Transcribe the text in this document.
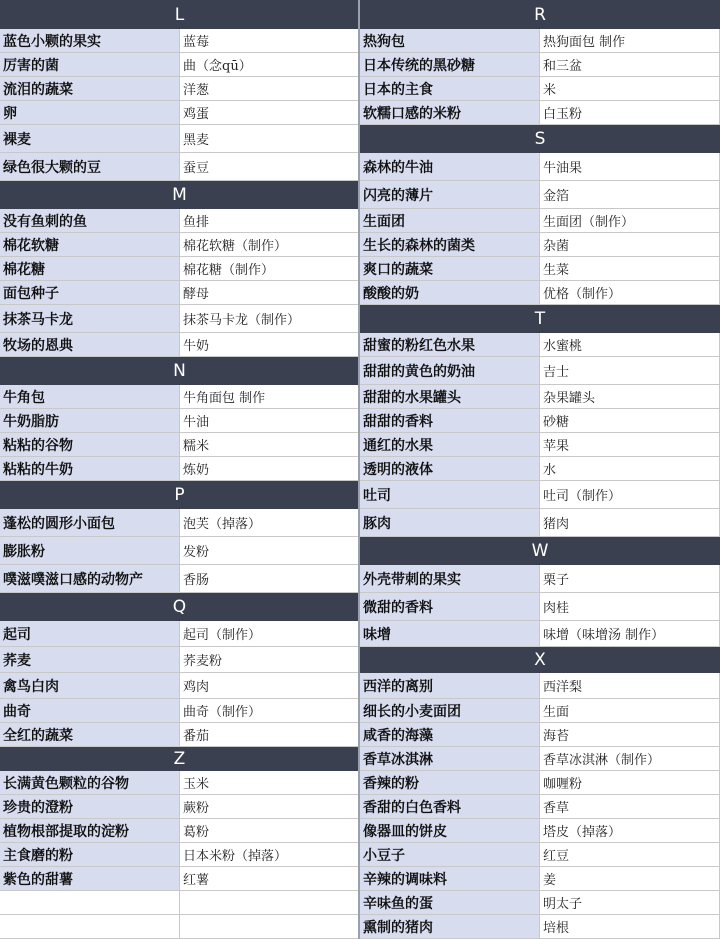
L
蓝色小颗的果实	蓝莓
厉害的菌	曲（念qū）
流泪的蔬菜	洋葱
卵	鸡蛋
裸麦	黑麦
绿色很大颗的豆	蚕豆
M
没有鱼刺的鱼	鱼排
棉花软糖	棉花软糖（制作）
棉花糖	棉花糖（制作）
面包种子	酵母
抹茶马卡龙	抹茶马卡龙（制作）
牧场的恩典	牛奶
N
牛角包	牛角面包 制作
牛奶脂肪	牛油
粘粘的谷物	糯米
粘粘的牛奶	炼奶
P
蓬松的圆形小面包	泡芙（掉落）
膨胀粉	发粉
噗滋噗滋口感的动物产	香肠
Q
起司	起司（制作）
荞麦	荞麦粉
禽鸟白肉	鸡肉
曲奇	曲奇（制作）
全红的蔬菜	番茄
Z
长满黄色颗粒的谷物	玉米
珍贵的澄粉	蕨粉
植物根部提取的淀粉	葛粉
主食磨的粉	日本米粉（掉落）
紫色的甜薯	红薯
R
热狗包	热狗面包 制作
日本传统的黑砂糖	和三盆
日本的主食	米
软糯口感的米粉	白玉粉
S
森林的牛油	牛油果
闪亮的薄片	金箔
生面团	生面团（制作）
生长的森林的菌类	杂菌
爽口的蔬菜	生菜
酸酸的奶	优格（制作）
T
甜蜜的粉红色水果	水蜜桃
甜甜的黄色的奶油	吉士
甜甜的水果罐头	杂果罐头
甜甜的香料	砂糖
通红的水果	苹果
透明的液体	水
吐司	吐司（制作）
豚肉	猪肉
W
外壳带刺的果实	栗子
微甜的香料	肉桂
味增	味增（味增汤 制作）
X
西洋的离别	西洋梨
细长的小麦面团	生面
咸香的海藻	海苔
香草冰淇淋	香草冰淇淋（制作）
香辣的粉	咖喱粉
香甜的白色香料	香草
像器皿的饼皮	塔皮（掉落）
小豆子	红豆
辛辣的调味料	姜
辛味鱼的蛋	明太子
熏制的猪肉	培根
